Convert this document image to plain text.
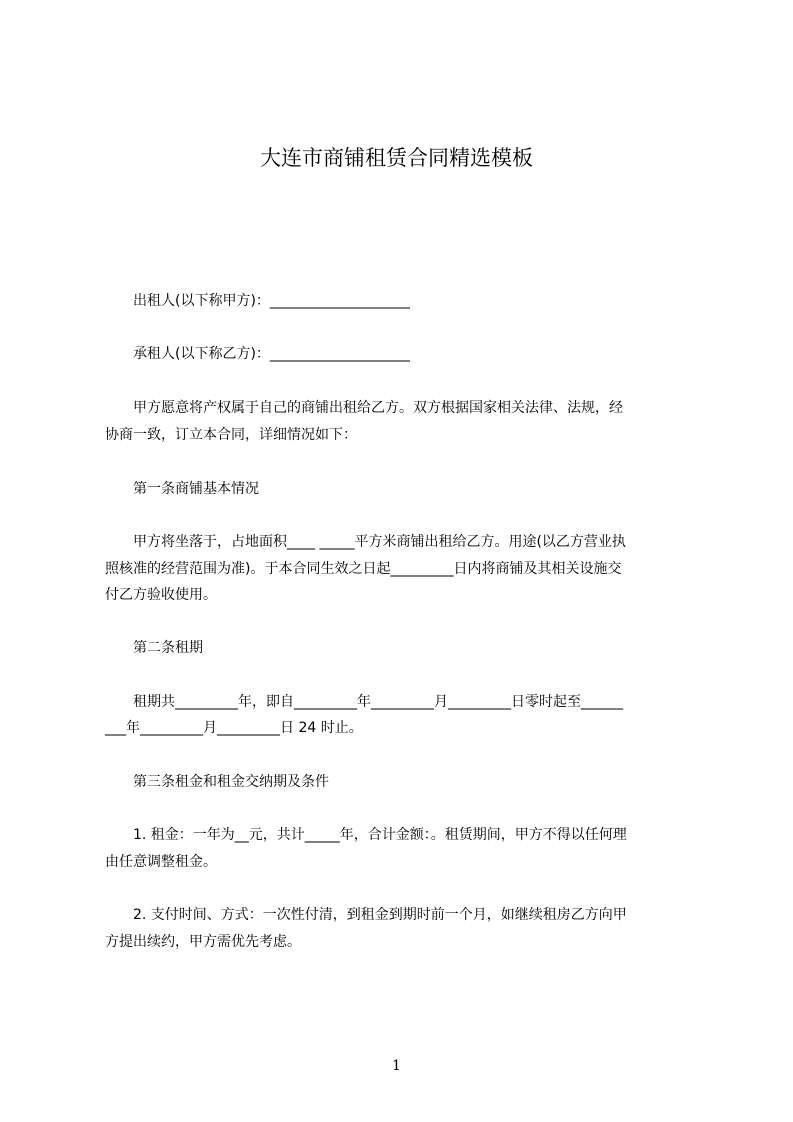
大连市商铺租赁合同精选模板
　　出租人(以下称甲方)：____________________
　　承租人(以下称乙方)：____________________
　　甲方愿意将产权属于自己的商铺出租给乙方。双方根据国家相关法律、法规，经
协商一致，订立本合同，详细情况如下：
　　第一条商铺基本情况
　　甲方将坐落于，占地面积____ _____平方米商铺出租给乙方。用途(以乙方营业执
照核准的经营范围为准)。于本合同生效之日起_________日内将商铺及其相关设施交
付乙方验收使用。
　　第二条租期
　　租期共_________年，即自_________年_________月_________日零时起至______
___年_________月_________日 24 时止。
　　第三条租金和租金交纳期及条件
　　1. 租金：一年为__元，共计_____年，合计金额：。租赁期间，甲方不得以任何理
由任意调整租金。
　　2. 支付时间、方式：一次性付清，到租金到期时前一个月，如继续租房乙方向甲
方提出续约，甲方需优先考虑。
1
